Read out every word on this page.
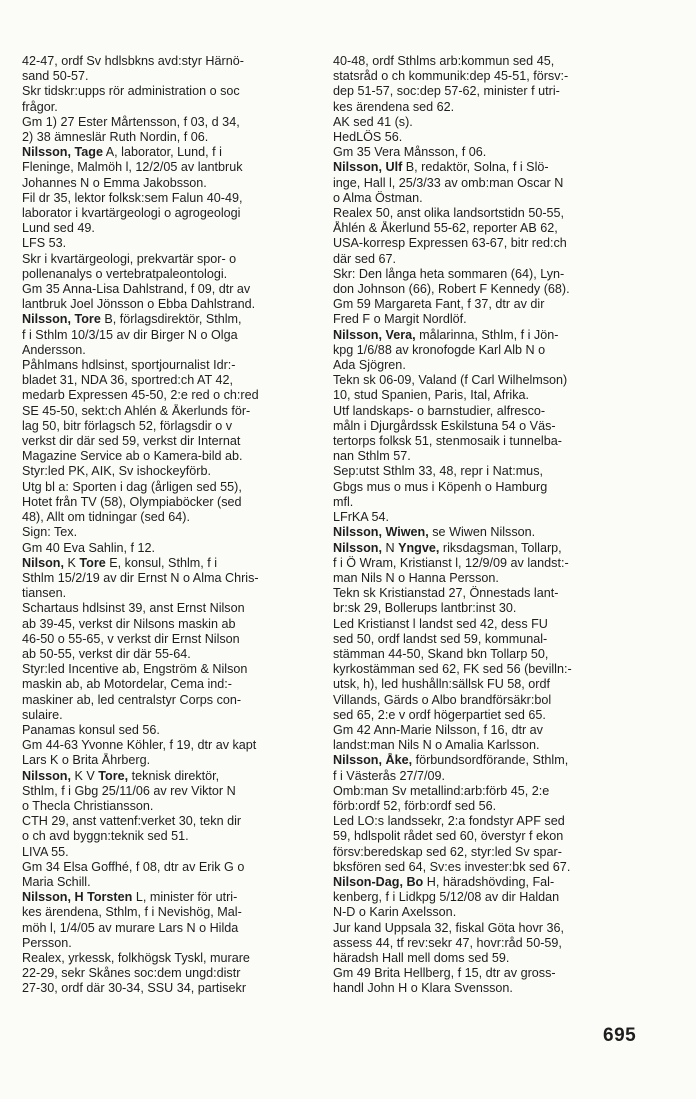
42-47, ordf Sv hdlsbkns avd:styr Härnö-

sand 50-57.

Skr tidskr:upps rör administration o soc

frågor.

Gm 1) 27 Ester Mårtensson, f 03, d 34,

2) 38 ämneslär Ruth Nordin, f 06.

Nilsson, Tage A, laborator, Lund, f i

Fleninge, Malmöh l, 12/2/05 av lantbruk

Johannes N o Emma Jakobsson.

Fil dr 35, lektor folksk:sem Falun 40-49,

laborator i kvartärgeologi o agrogeologi

Lund sed 49.

LFS 53.

Skr i kvartärgeologi, prekvartär spor- o

pollenanalys o vertebratpaleontologi.

Gm 35 Anna-Lisa Dahlstrand, f 09, dtr av

lantbruk Joel Jönsson o Ebba Dahlstrand.

Nilsson, Tore B, förlagsdirektör, Sthlm,

f i Sthlm 10/3/15 av dir Birger N o Olga

Andersson.

Påhlmans hdlsinst, sportjournalist Idr:-

bladet 31, NDA 36, sportred:ch AT 42,

medarb Expressen 45-50, 2:e red o ch:red

SE 45-50, sekt:ch Ahlén & Åkerlunds för-

lag 50, bitr förlagsch 52, förlagsdir o v

verkst dir där sed 59, verkst dir Internat

Magazine Service ab o Kamera-bild ab.

Styr:led PK, AIK, Sv ishockeyförb.

Utg bl a: Sporten i dag (årligen sed 55),

Hotet från TV (58), Olympiaböcker (sed

48), Allt om tidningar (sed 64).

Sign: Tex.

Gm 40 Eva Sahlin, f 12.

Nilson, K Tore E, konsul, Sthlm, f i

Sthlm 15/2/19 av dir Ernst N o Alma Chris-

tiansen.

Schartaus hdlsinst 39, anst Ernst Nilson

ab 39-45, verkst dir Nilsons maskin ab

46-50 o 55-65, v verkst dir Ernst Nilson

ab 50-55, verkst dir där 55-64.

Styr:led Incentive ab, Engström & Nilson

maskin ab, ab Motordelar, Cema ind:-

maskiner ab, led centralstyr Corps con-

sulaire.

Panamas konsul sed 56.

Gm 44-63 Yvonne Köhler, f 19, dtr av kapt

Lars K o Brita Åhrberg.

Nilsson, K V Tore, teknisk direktör,

Sthlm, f i Gbg 25/11/06 av rev Viktor N

o Thecla Christiansson.

CTH 29, anst vattenf:verket 30, tekn dir

o ch avd byggn:teknik sed 51.

LIVA 55.

Gm 34 Elsa Goffhé, f 08, dtr av Erik G o

Maria Schill.

Nilsson, H Torsten L, minister för utri-

kes ärendena, Sthlm, f i Nevishög, Mal-

möh l, 1/4/05 av murare Lars N o Hilda

Persson.

Realex, yrkessk, folkhögsk Tyskl, murare

22-29, sekr Skånes soc:dem ungd:distr

27-30, ordf där 30-34, SSU 34, partisekr

40-48, ordf Sthlms arb:kommun sed 45,

statsråd o ch kommunik:dep 45-51, försv:-

dep 51-57, soc:dep 57-62, minister f utri-

kes ärendena sed 62.

AK sed 41 (s).

HedLÖS 56.

Gm 35 Vera Månsson, f 06.

Nilsson, Ulf B, redaktör, Solna, f i Slö-

inge, Hall l, 25/3/33 av omb:man Oscar N

o Alma Östman.

Realex 50, anst olika landsortstidn 50-55,

Åhlén & Åkerlund 55-62, reporter AB 62,

USA-korresp Expressen 63-67, bitr red:ch

där sed 67.

Skr: Den långa heta sommaren (64), Lyn-

don Johnson (66), Robert F Kennedy (68).

Gm 59 Margareta Fant, f 37, dtr av dir

Fred F o Margit Nordlöf.

Nilsson, Vera, målarinna, Sthlm, f i Jön-

kpg 1/6/88 av kronofogde Karl Alb N o

Ada Sjögren.

Tekn sk 06-09, Valand (f Carl Wilhelmson)

10, stud Spanien, Paris, Ital, Afrika.

Utf landskaps- o barnstudier, alfresco-

måln i Djurgårdssk Eskilstuna 54 o Väs-

tertorps folksk 51, stenmosaik i tunnelba-

nan Sthlm 57.

Sep:utst Sthlm 33, 48, repr i Nat:mus,

Gbgs mus o mus i Köpenh o Hamburg

mfl.

LFrKA 54.

Nilsson, Wiwen, se Wiwen Nilsson.

Nilsson, N Yngve, riksdagsman, Tollarp,

f i Ö Wram, Kristianst l, 12/9/09 av landst:-

man Nils N o Hanna Persson.

Tekn sk Kristianstad 27, Önnestads lant-

br:sk 29, Bollerups lantbr:inst 30.

Led Kristianst l landst sed 42, dess FU

sed 50, ordf landst sed 59, kommunal-

stämman 44-50, Skand bkn Tollarp 50,

kyrkostämman sed 62, FK sed 56 (bevilln:-

utsk, h), led hushålln:sällsk FU 58, ordf

Villands, Gärds o Albo brandförsäkr:bol

sed 65, 2:e v ordf högerpartiet sed 65.

Gm 42 Ann-Marie Nilsson, f 16, dtr av

landst:man Nils N o Amalia Karlsson.

Nilsson, Åke, förbundsordförande, Sthlm,

f i Västerås 27/7/09.

Omb:man Sv metallind:arb:förb 45, 2:e

förb:ordf 52, förb:ordf sed 56.

Led LO:s landssekr, 2:a fondstyr APF sed

59, hdlspolit rådet sed 60, överstyr f ekon

försv:beredskap sed 62, styr:led Sv spar-

bksfören sed 64, Sv:es invester:bk sed 67.

Nilson-Dag, Bo H, häradshövding, Fal-

kenberg, f i Lidkpg 5/12/08 av dir Haldan

N-D o Karin Axelsson.

Jur kand Uppsala 32, fiskal Göta hovr 36,

assess 44, tf rev:sekr 47, hovr:råd 50-59,

häradsh Hall mell doms sed 59.

Gm 49 Brita Hellberg, f 15, dtr av gross-

handl John H o Klara Svensson.

695
